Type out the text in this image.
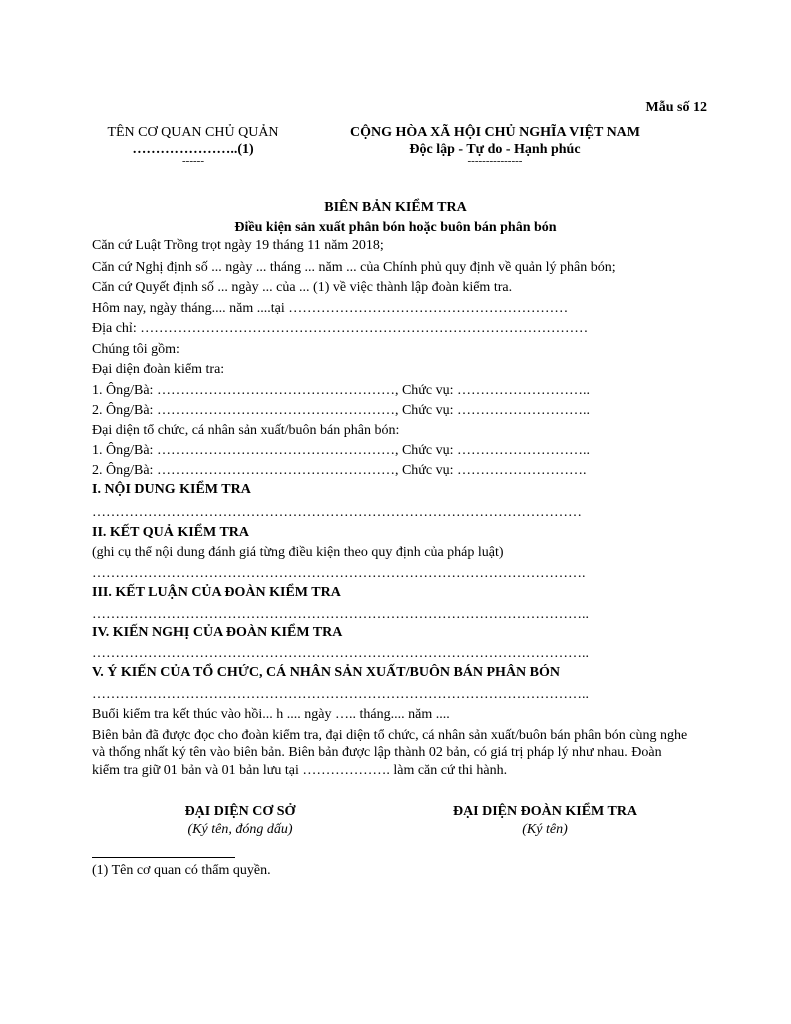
Mẫu số 12
TÊN CƠ QUAN CHỦ QUẢN
…………………..(1)
------
CỘNG HÒA XÃ HỘI CHỦ NGHĨA VIỆT NAM
Độc lập - Tự do - Hạnh phúc
---------------
BIÊN BẢN KIỂM TRA
Điều kiện sản xuất phân bón hoặc buôn bán phân bón
Căn cứ Luật Trồng trọt ngày 19 tháng 11 năm 2018;
Căn cứ Nghị định số ... ngày ... tháng ... năm ... của Chính phủ quy định về quản lý phân bón;
Căn cứ Quyết định số ... ngày ... của ... (1) về việc thành lập đoàn kiểm tra.
Hôm nay, ngày tháng.... năm ....tại ……………………………………………………
Địa chỉ: ……………………………………………………………………………………
Chúng tôi gồm:
Đại diện đoàn kiểm tra:
1. Ông/Bà: ……………………………………………, Chức vụ: ………………………..
2. Ông/Bà: ……………………………………………, Chức vụ: ………………………..
Đại diện tổ chức, cá nhân sản xuất/buôn bán phân bón:
1. Ông/Bà: ……………………………………………, Chức vụ: ………………………..
2. Ông/Bà: ……………………………………………, Chức vụ: ……………………….
I. NỘI DUNG KIỂM TRA
……………………………………………………………………………………………
II. KẾT QUẢ KIỂM TRA
(ghi cụ thể nội dung đánh giá từng điều kiện theo quy định của pháp luật)
…………………………………………………………………………………………….
III. KẾT LUẬN CỦA ĐOÀN KIỂM TRA
……………………………………………………………………………………………..
IV. KIẾN NGHỊ CỦA ĐOÀN KIỂM TRA
……………………………………………………………………………………………..
V. Ý KIẾN CỦA TỔ CHỨC, CÁ NHÂN SẢN XUẤT/BUÔN BÁN PHÂN BÓN
……………………………………………………………………………………………..
Buổi kiểm tra kết thúc vào hồi... h .... ngày ….. tháng.... năm ....
Biên bản đã được đọc cho đoàn kiểm tra, đại diện tổ chức, cá nhân sản xuất/buôn bán phân bón cùng nghe
và thống nhất ký tên vào biên bản. Biên bản được lập thành 02 bản, có giá trị pháp lý như nhau. Đoàn
kiểm tra giữ 01 bản và 01 bản lưu tại ………………. làm căn cứ thi hành.
ĐẠI DIỆN CƠ SỞ
(Ký tên, đóng dấu)
ĐẠI DIỆN ĐOÀN KIỂM TRA
(Ký tên)
(1) Tên cơ quan có thẩm quyền.
